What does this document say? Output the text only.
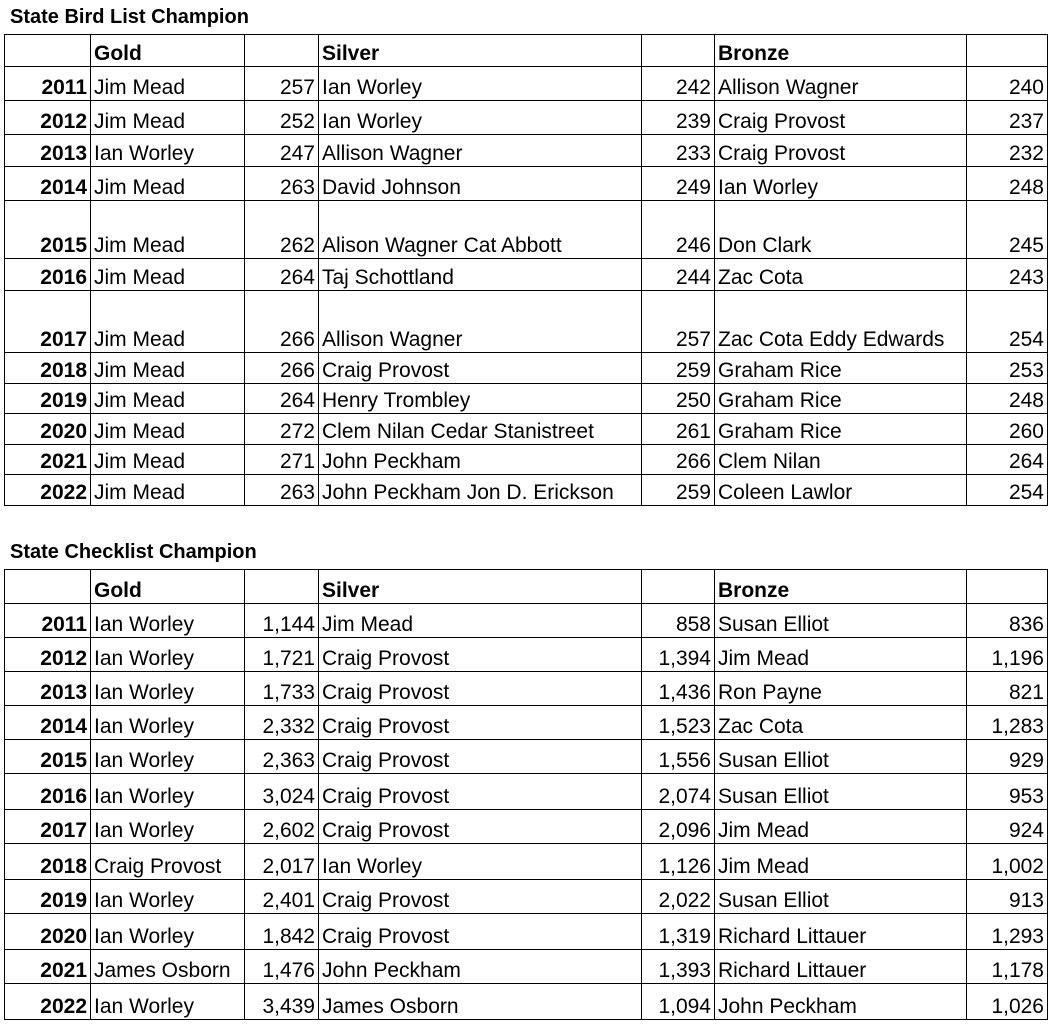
State Bird List Champion
	Gold		Silver		Bronze	
2011	Jim Mead	257	Ian Worley	242	Allison Wagner	240
2012	Jim Mead	252	Ian Worley	239	Craig Provost	237
2013	Ian Worley	247	Allison Wagner	233	Craig Provost	232
2014	Jim Mead	263	David Johnson	249	Ian Worley	248
2015	Jim Mead	262	Alison Wagner Cat Abbott	246	Don Clark	245
2016	Jim Mead	264	Taj Schottland	244	Zac Cota	243
2017	Jim Mead	266	Allison Wagner	257	Zac Cota Eddy Edwards	254
2018	Jim Mead	266	Craig Provost	259	Graham Rice	253
2019	Jim Mead	264	Henry Trombley	250	Graham Rice	248
2020	Jim Mead	272	Clem Nilan Cedar Stanistreet	261	Graham Rice	260
2021	Jim Mead	271	John Peckham	266	Clem Nilan	264
2022	Jim Mead	263	John Peckham Jon D. Erickson	259	Coleen Lawlor	254
State Checklist Champion
	Gold		Silver		Bronze	
2011	Ian Worley	1,144	Jim Mead	858	Susan Elliot	836
2012	Ian Worley	1,721	Craig Provost	1,394	Jim Mead	1,196
2013	Ian Worley	1,733	Craig Provost	1,436	Ron Payne	821
2014	Ian Worley	2,332	Craig Provost	1,523	Zac Cota	1,283
2015	Ian Worley	2,363	Craig Provost	1,556	Susan Elliot	929
2016	Ian Worley	3,024	Craig Provost	2,074	Susan Elliot	953
2017	Ian Worley	2,602	Craig Provost	2,096	Jim Mead	924
2018	Craig Provost	2,017	Ian Worley	1,126	Jim Mead	1,002
2019	Ian Worley	2,401	Craig Provost	2,022	Susan Elliot	913
2020	Ian Worley	1,842	Craig Provost	1,319	Richard Littauer	1,293
2021	James Osborn	1,476	John Peckham	1,393	Richard Littauer	1,178
2022	Ian Worley	3,439	James Osborn	1,094	John Peckham	1,026
